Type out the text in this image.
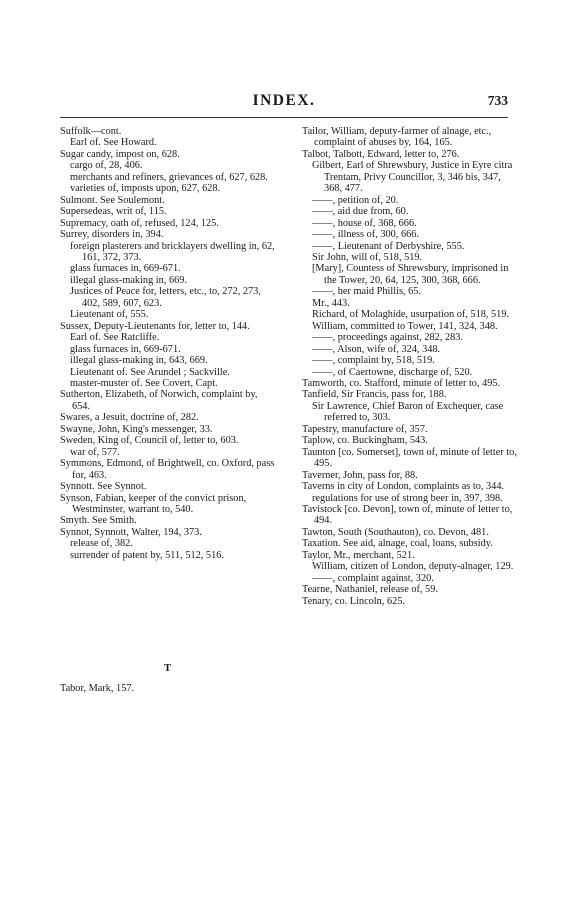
INDEX.	733

Suffolk—cont.

Earl of. See Howard.

Sugar candy, impost on, 628.

cargo of, 28, 406.

merchants and refiners, grievances of, 627, 628.

varieties of, imposts upon, 627, 628.

Sulmont. See Soulemont.

Supersedeas, writ of, 115.

Supremacy, oath of, refused, 124, 125.

Surrey, disorders in, 394.

foreign plasterers and bricklayers dwelling in, 62, 161, 372, 373.

glass furnaces in, 669-671.

illegal glass-making in, 669.

Justices of Peace for, letters, etc., to, 272, 273, 402, 589, 607, 623.

Lieutenant of, 555.

Sussex, Deputy-Lieutenants for, letter to, 144.

Earl of. See Ratcliffe.

glass furnaces in, 669-671.

illegal glass-making in, 643, 669.

Lieutenant of. See Arundel ; Sackville.

master-muster of. See Covert, Capt.

Sutherton, Elizabeth, of Norwich, complaint by, 654.

Swares, a Jesuit, doctrine of, 282.

Swayne, John, King's messenger, 33.

Sweden, King of, Council of, letter to, 603.

war of, 577.

Symmons, Edmond, of Brightwell, co. Oxford, pass for, 463.

Synnott. See Synnot.

Synson, Fabian, keeper of the convict prison, Westminster, warrant to, 540.

Smyth. See Smith.

Synnot, Synnott, Walter, 194, 373.

release of, 382.

surrender of patent by, 511, 512, 516.

T

Tabor, Mark, 157.

Tailor, William, deputy-farmer of alnage, etc., complaint of abuses by, 164, 165.

Talbot, Talbott, Edward, letter to, 276.

Gilbert, Earl of Shrewsbury, Justice in Eyre citra Trentam, Privy Councillor, 3, 346 bis, 347, 368, 477.

——, petition of, 20.

——, aid due from, 60.

——, house of, 368, 666.

——, illness of, 300, 666.

——, Lieutenant of Derbyshire, 555.

Sir John, will of, 518, 519.

[Mary], Countess of Shrewsbury, imprisoned in the Tower, 20, 64, 125, 300, 368, 666.

——, her maid Phillis, 65.

Mr., 443.

Richard, of Molaghide, usurpation of, 518, 519.

William, committed to Tower, 141, 324, 348.

——, proceedings against, 282, 283.

——, Alson, wife of, 324, 348.

——, complaint by, 518, 519.

——, of Caertowne, discharge of, 520.

Tamworth, co. Stafford, minute of letter to, 495.

Tanfield, Sir Francis, pass for, 188.

Sir Lawrence, Chief Baron of Exchequer, case referred to, 303.

Tapestry, manufacture of, 357.

Taplow, co. Buckingham, 543.

Taunton [co. Somerset], town of, minute of letter to, 495.

Taverner, John, pass for, 88.

Taverns in city of London, complaints as to, 344.

regulations for use of strong beer in, 397, 398.

Tavistock [co. Devon], town of, minute of letter to, 494.

Tawton, South (Southauton), co. Devon, 481.

Taxation. See aid, alnage, coal, loans, subsidy.

Taylor, Mr., merchant, 521.

William, citizen of London, deputy-alnager, 129.

——, complaint against, 320.

Tearne, Nathaniel, release of, 59.

Tenary, co. Lincoln, 625.
